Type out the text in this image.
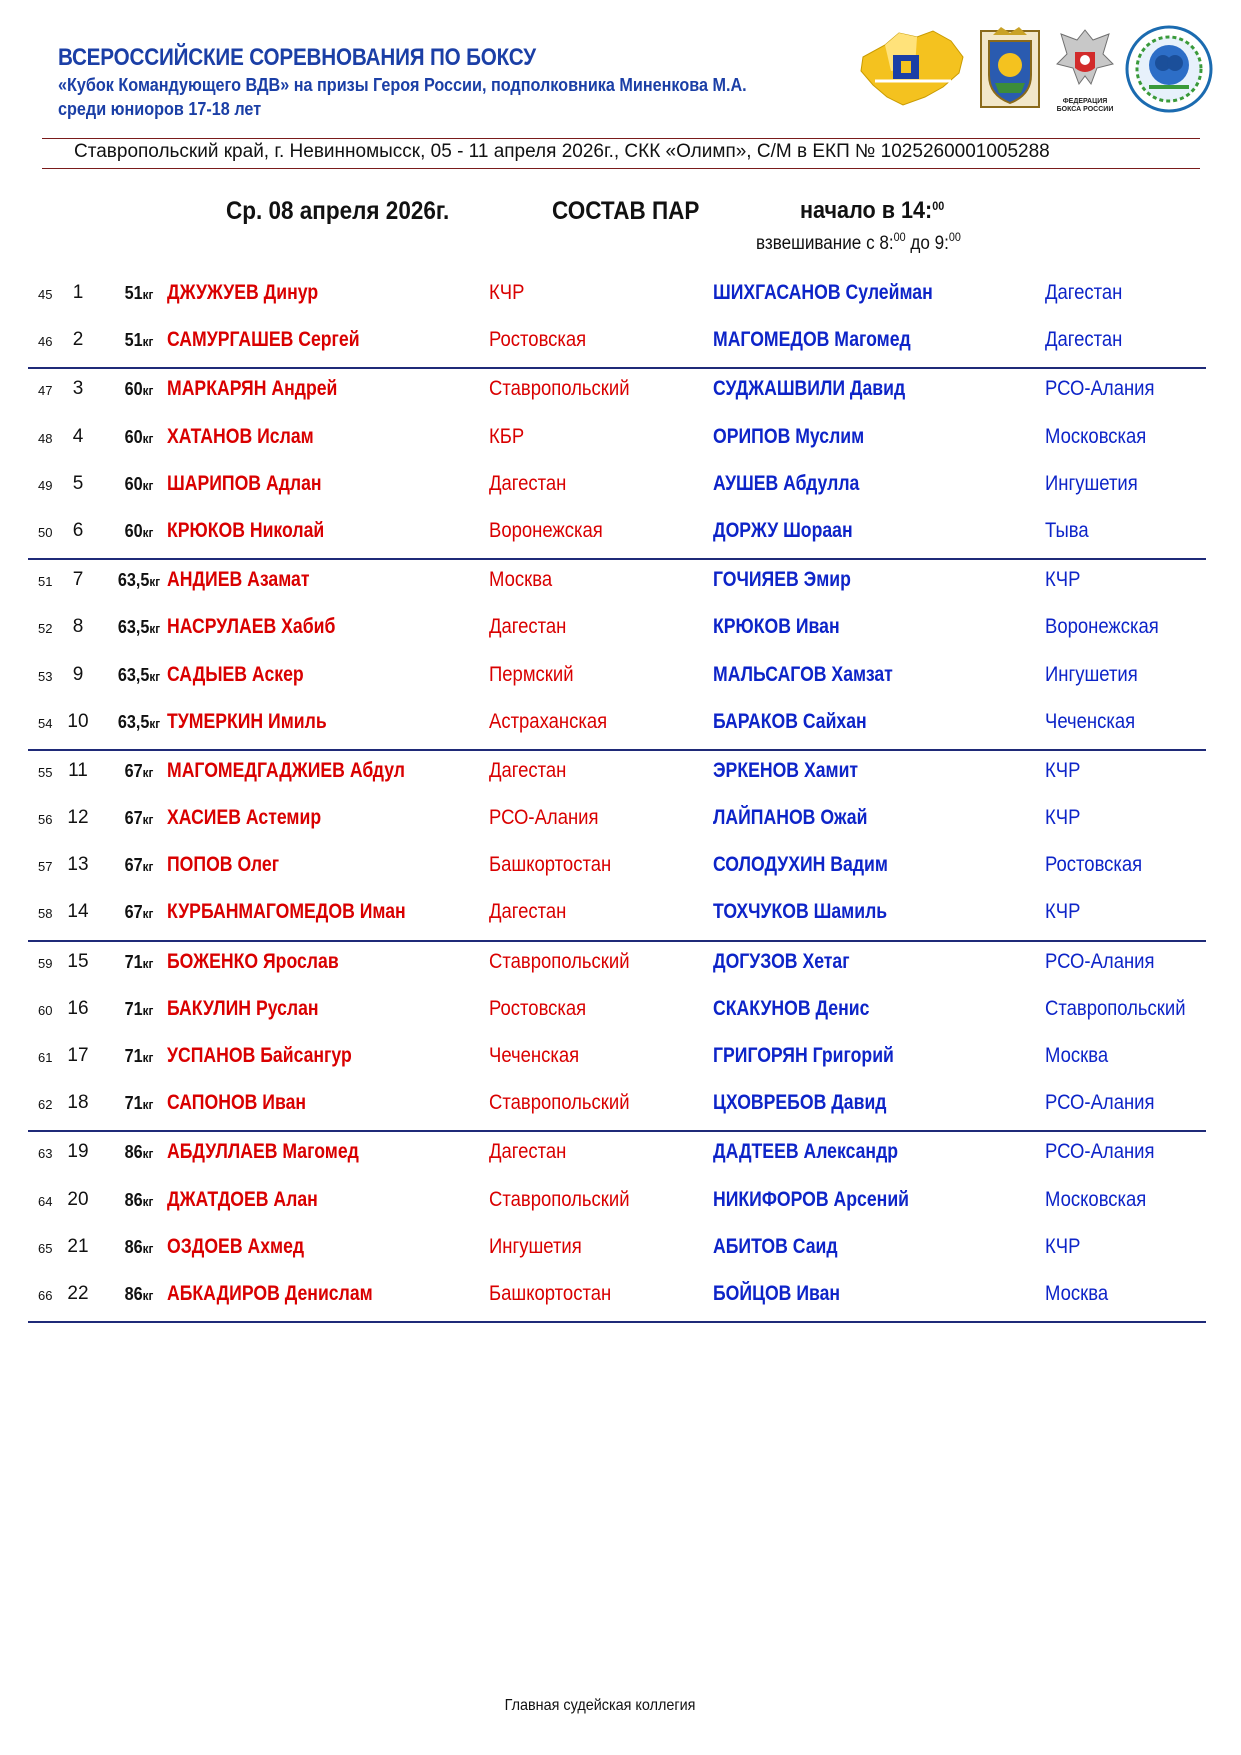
ВСЕРОССИЙСКИЕ СОРЕВНОВАНИЯ ПО БОКСУ
«Кубок Командующего ВДВ» на призы Героя России, подполковника Миненкова М.А.
среди юниоров 17-18 лет	ФЕДЕРАЦИЯ БОКСА РОССИИ
Ставропольский край, г. Невинномысск, 05 - 11 апреля 2026г., СКК «Олимп», С/М в ЕКП № 1025260001005288
Ср. 08 апреля 2026г.	СОСТАВ ПАР	начало в 14:$^{00}$
взвешивание с 8:$^{00}$ до 9:$^{00}$
45	1	51кг ДЖУЖУЕВ Динур	КЧР	ШИХГАСАНОВ Сулейман	Дагестан
46	2	51кг САМУРГАШЕВ Сергей	Ростовская	МАГОМЕДОВ Магомед	Дагестан
47	3	60кг МАРКАРЯН Андрей	Ставропольский	СУДЖАШВИЛИ Давид	РСО-Алания
48	4	60кг ХАТАНОВ Ислам	КБР	ОРИПОВ Муслим	Московская
49	5	60кг ШАРИПОВ Адлан	Дагестан	АУШЕВ Абдулла	Ингушетия
50	6	60кг КРЮКОВ Николай	Воронежская	ДОРЖУ Шораан	Тыва
51	7	63,5кг АНДИЕВ Азамат	Москва	ГОЧИЯЕВ Эмир	КЧР
52	8	63,5кг НАСРУЛАЕВ Хабиб	Дагестан	КРЮКОВ Иван	Воронежская
53	9	63,5кг САДЫЕВ Аскер	Пермский	МАЛЬСАГОВ Хамзат	Ингушетия
54 10	63,5кг ТУМЕРКИН Имиль	Астраханская	БАРАКОВ Сайхан	Чеченская
55 11	67кг МАГОМЕДГАДЖИЕВ Абдул	Дагестан	ЭРКЕНОВ Хамит	КЧР
56 12	67кг ХАСИЕВ Астемир	РСО-Алания	ЛАЙПАНОВ Ожай	КЧР
57 13	67кг ПОПОВ Олег	Башкортостан	СОЛОДУХИН Вадим	Ростовская
58 14	67кг КУРБАНМАГОМЕДОВ Иман	Дагестан	ТОХЧУКОВ Шамиль	КЧР
59 15	71кг БОЖЕНКО Ярослав	Ставропольский	ДОГУЗОВ Хетаг	РСО-Алания
60 16	71кг БАКУЛИН Руслан	Ростовская	СКАКУНОВ Денис	Ставропольский
61 17	71кг УСПАНОВ Байсангур	Чеченская	ГРИГОРЯН Григорий	Москва
62 18	71кг САПОНОВ Иван	Ставропольский	ЦХОВРЕБОВ Давид	РСО-Алания
63 19	86кг АБДУЛЛАЕВ Магомед	Дагестан	ДАДТЕЕВ Александр	РСО-Алания
64 20	86кг ДЖАТДОЕВ Алан	Ставропольский	НИКИФОРОВ Арсений	Московская
65 21	86кг ОЗДОЕВ Ахмед	Ингушетия	АБИТОВ Саид	КЧР
66 22	86кг АБКАДИРОВ Денислам	Башкортостан	БОЙЦОВ Иван	Москва
Главная судейская коллегия
